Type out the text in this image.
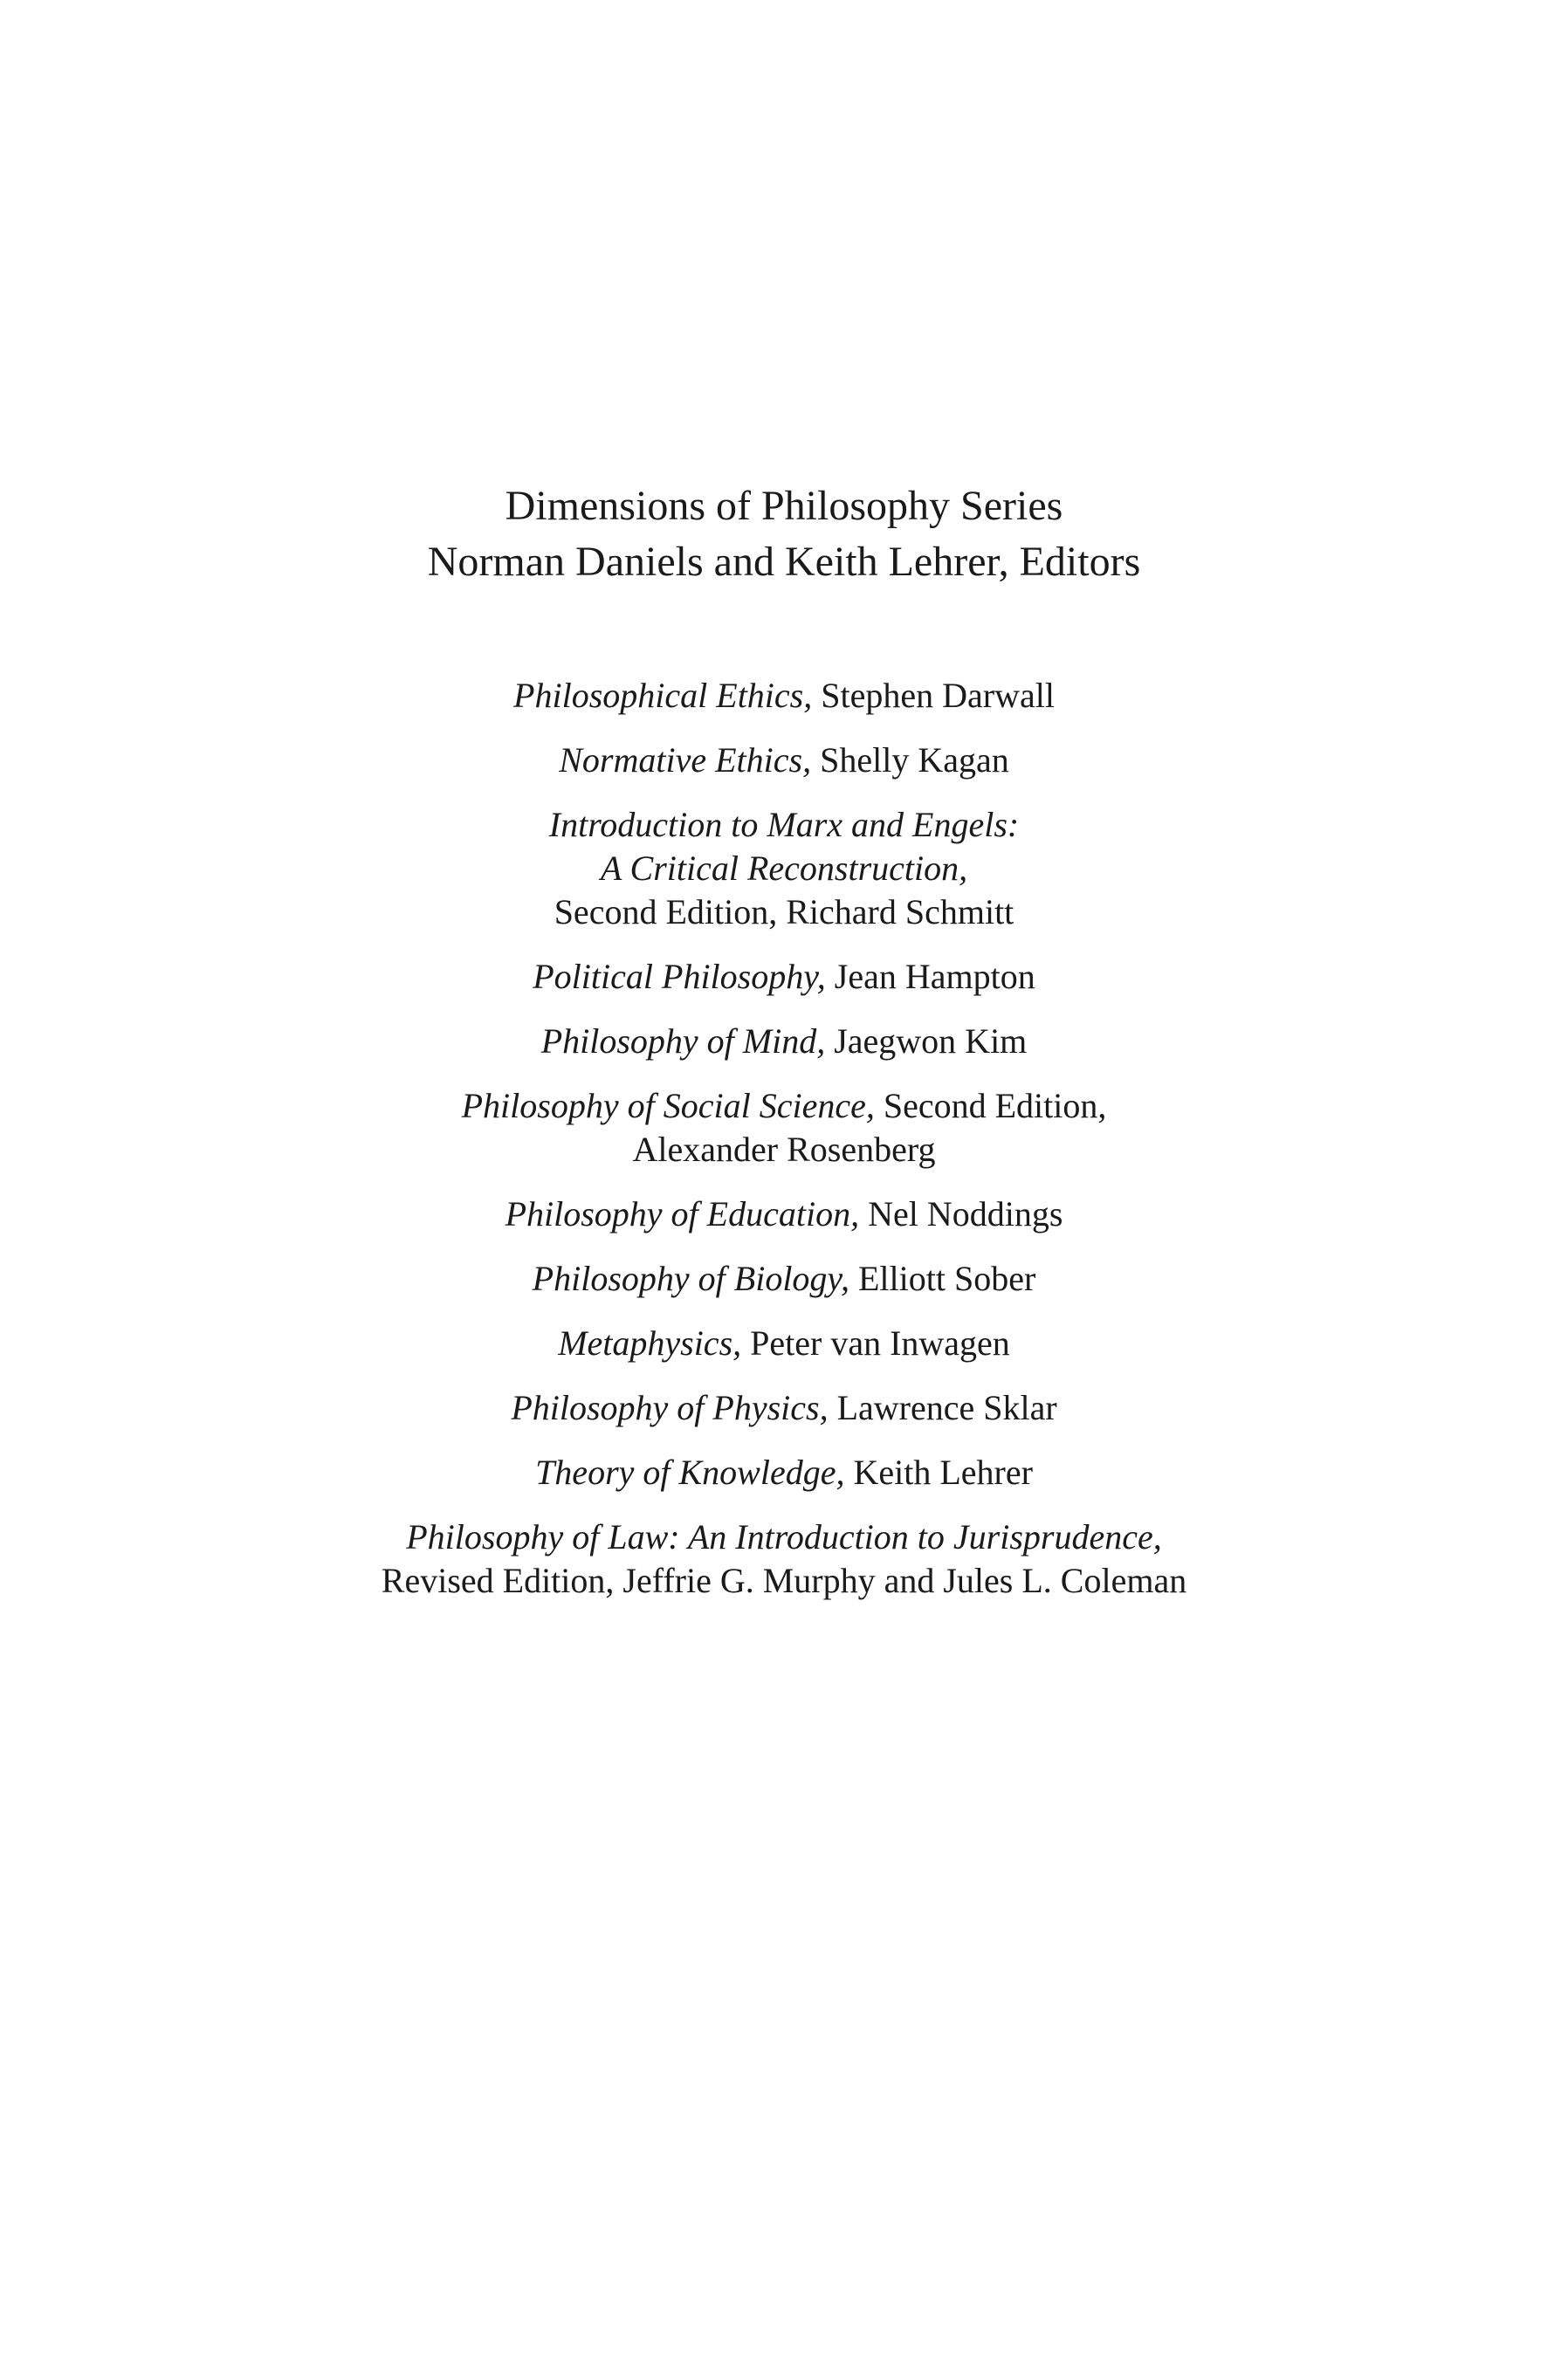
Dimensions of Philosophy Series
Norman Daniels and Keith Lehrer, Editors
Philosophical Ethics, Stephen Darwall
Normative Ethics, Shelly Kagan
Introduction to Marx and Engels:
A Critical Reconstruction,
Second Edition, Richard Schmitt
Political Philosophy, Jean Hampton
Philosophy of Mind, Jaegwon Kim
Philosophy of Social Science, Second Edition,
Alexander Rosenberg
Philosophy of Education, Nel Noddings
Philosophy of Biology, Elliott Sober
Metaphysics, Peter van Inwagen
Philosophy of Physics, Lawrence Sklar
Theory of Knowledge, Keith Lehrer
Philosophy of Law: An Introduction to Jurisprudence,
Revised Edition, Jeffrie G. Murphy and Jules L. Coleman
